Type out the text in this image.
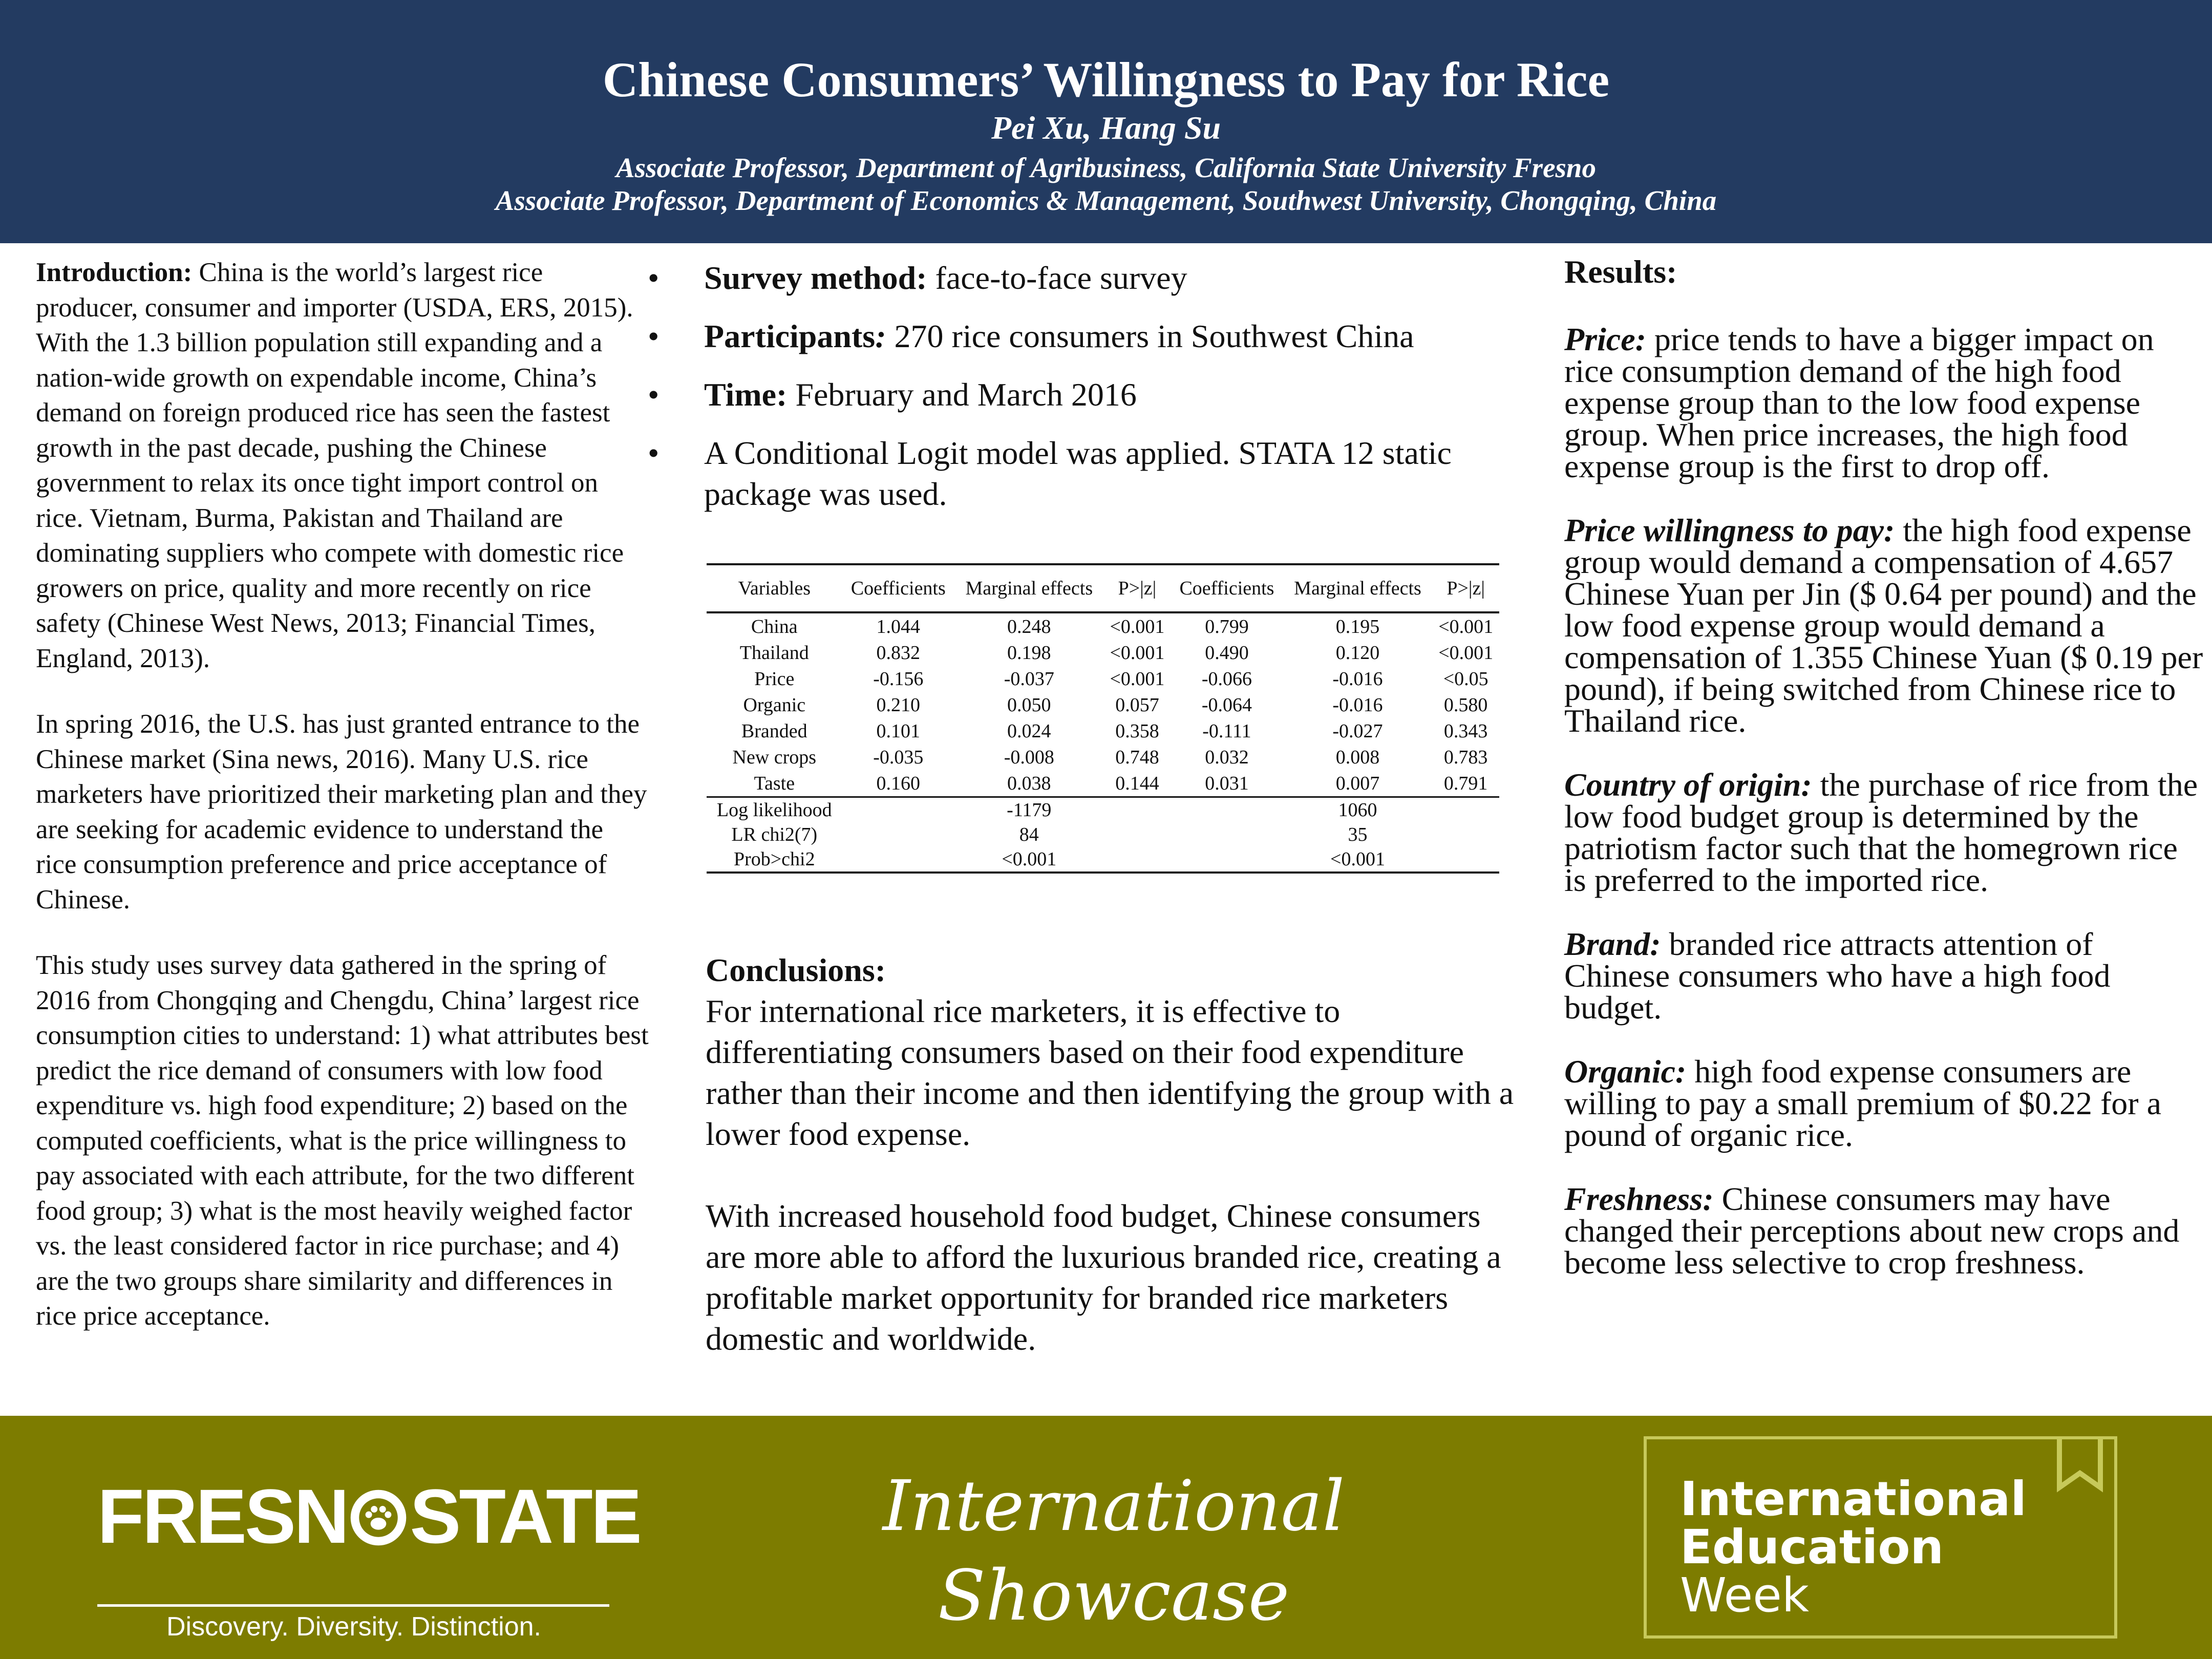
Chinese Consumers’ Willingness to Pay for Rice
Pei Xu, Hang Su
Associate Professor, Department of Agribusiness, California State University Fresno
Associate Professor, Department of Economics & Management, Southwest University, Chongqing, China

Introduction: China is the world’s largest rice producer, consumer and importer (USDA, ERS, 2015). With the 1.3 billion population still expanding and a nation-wide growth on expendable income, China’s demand on foreign produced rice has seen the fastest growth in the past decade, pushing the Chinese government to relax its once tight import control on rice. Vietnam, Burma, Pakistan and Thailand are dominating suppliers who compete with domestic rice growers on price, quality and more recently on rice safety (Chinese West News, 2013; Financial Times, England, 2013).

In spring 2016, the U.S. has just granted entrance to the Chinese market (Sina news, 2016). Many U.S. rice marketers have prioritized their marketing plan and they are seeking for academic evidence to understand the rice consumption preference and price acceptance of Chinese.

This study uses survey data gathered in the spring of 2016 from Chongqing and Chengdu, China’ largest rice consumption cities to understand: 1) what attributes best predict the rice demand of consumers with low food expenditure vs. high food expenditure; 2) based on the computed coefficients, what is the price willingness to pay associated with each attribute, for the two different food group; 3) what is the most heavily weighed factor vs. the least considered factor in rice purchase; and 4) are the two groups share similarity and differences in rice price acceptance.

• Survey method: face-to-face survey
• Participants: 270 rice consumers in Southwest China
• Time: February and March 2016
• A Conditional Logit model was applied. STATA 12 static package was used.
Variables	Coefficients	Marginal effects	P>|z|	Coefficients	Marginal effects	P>|z|
China	1.044	0.248	<0.001	0.799	0.195	<0.001
Thailand	0.832	0.198	<0.001	0.490	0.120	<0.001
Price	-0.156	-0.037	<0.001	-0.066	-0.016	<0.05
Organic	0.210	0.050	0.057	-0.064	-0.016	0.580
Branded	0.101	0.024	0.358	-0.111	-0.027	0.343
New crops	-0.035	-0.008	0.748	0.032	0.008	0.783
Taste	0.160	0.038	0.144	0.031	0.007	0.791
Log likelihood		-1179			1060	
LR chi2(7)		84			35	
Prob>chi2		<0.001			<0.001	
Conclusions:

For international rice marketers, it is effective to differentiating consumers based on their food expenditure rather than their income and then identifying the group with a lower food expense.

With increased household food budget, Chinese consumers are more able to afford the luxurious branded rice, creating a profitable market opportunity for branded rice marketers domestic and worldwide.

Results:

Price: price tends to have a bigger impact on rice consumption demand of the high food expense group than to the low food expense group. When price increases, the high food expense group is the first to drop off.

Price willingness to pay: the high food expense group would demand a compensation of 4.657 Chinese Yuan per Jin ($ 0.64 per pound) and the low food expense group would demand a compensation of 1.355 Chinese Yuan ($ 0.19 per pound), if being switched from Chinese rice to Thailand rice.

Country of origin: the purchase of rice from the low food budget group is determined by the patriotism factor such that the homegrown rice is preferred to the imported rice.

Brand: branded rice attracts attention of Chinese consumers who have a high food budget.

Organic: high food expense consumers are willing to pay a small premium of $0.22 for a pound of organic rice.

Freshness: Chinese consumers may have changed their perceptions about new crops and become less selective to crop freshness.

FRESN STATE
Discovery. Diversity. Distinction.
International
Showcase
International
Education
Week
